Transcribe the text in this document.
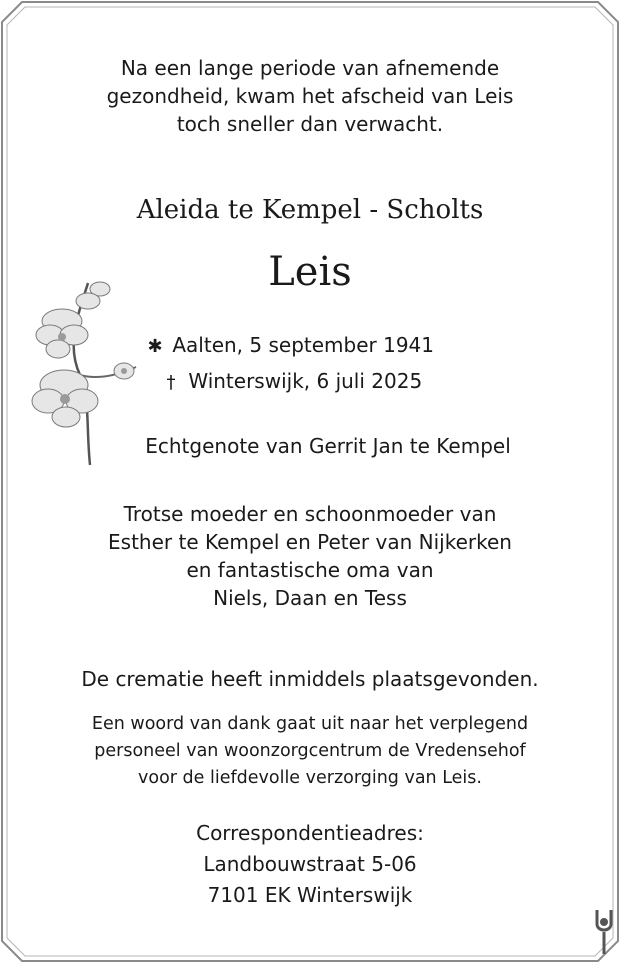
Na een lange periode van afnemende
gezondheid, kwam het afscheid van Leis
toch sneller dan verwacht.
Aleida te Kempel - Scholts
Leis
✱ Aalten, 5 september 1941
† Winterswijk, 6 juli 2025
Echtgenote van Gerrit Jan te Kempel
Trotse moeder en schoonmoeder van
Esther te Kempel en Peter van Nijkerken
en fantastische oma van
Niels, Daan en Tess
De crematie heeft inmiddels plaatsgevonden.
Een woord van dank gaat uit naar het verplegend
personeel van woonzorgcentrum de Vredensehof
voor de liefdevolle verzorging van Leis.
Correspondentieadres:
Landbouwstraat 5-06
7101 EK Winterswijk
